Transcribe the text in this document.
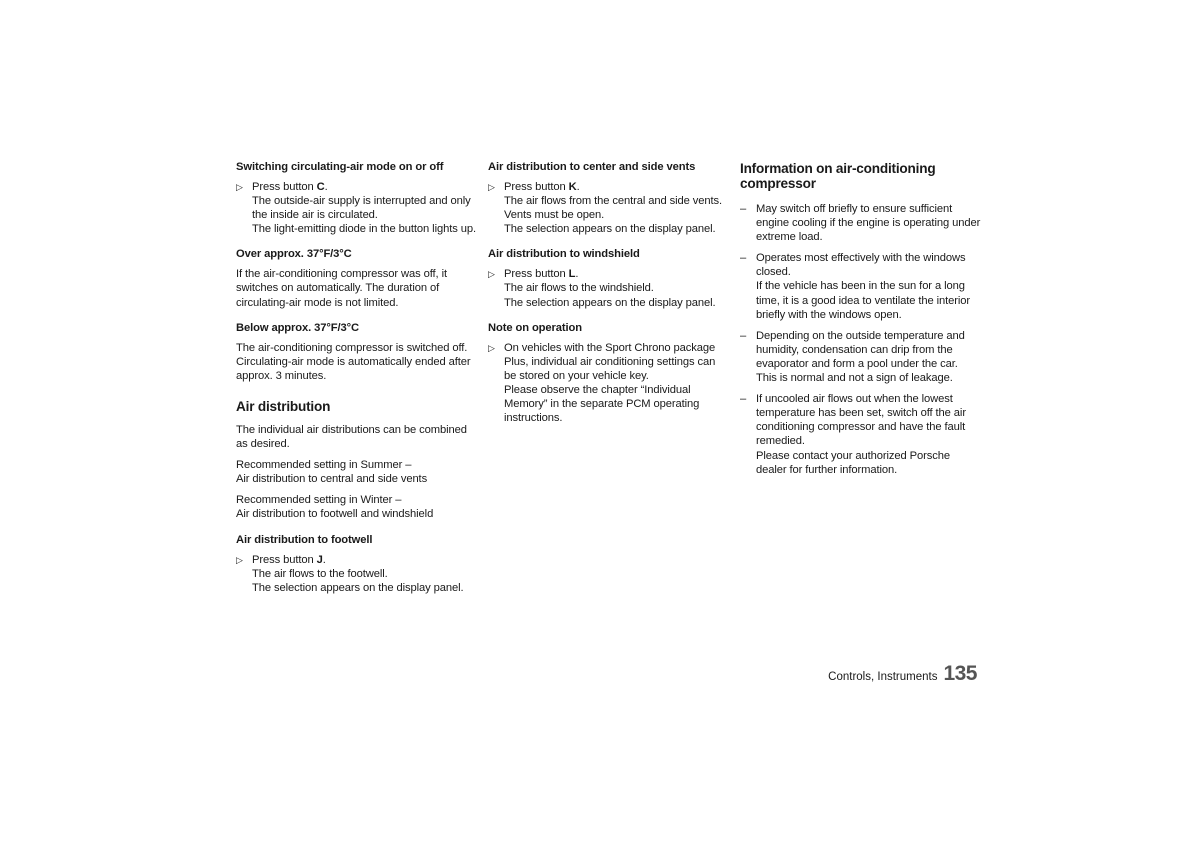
Switching circulating-air mode on or off
▷ Press button C.
The outside-air supply is interrupted and only the inside air is circulated.
The light-emitting diode in the button lights up.
Over approx. 37°F/3°C
If the air-conditioning compressor was off, it switches on automatically. The duration of circulating-air mode is not limited.
Below approx. 37°F/3°C
The air-conditioning compressor is switched off. Circulating-air mode is automatically ended after approx. 3 minutes.
Air distribution
The individual air distributions can be combined as desired.
Recommended setting in Summer –
Air distribution to central and side vents
Recommended setting in Winter –
Air distribution to footwell and windshield
Air distribution to footwell
▷ Press button J.
The air flows to the footwell.
The selection appears on the display panel.
Air distribution to center and side vents
▷ Press button K.
The air flows from the central and side vents. Vents must be open.
The selection appears on the display panel.
Air distribution to windshield
▷ Press button L.
The air flows to the windshield.
The selection appears on the display panel.
Note on operation
▷ On vehicles with the Sport Chrono package Plus, individual air conditioning settings can be stored on your vehicle key.
Please observe the chapter “Individual Memory” in the separate PCM operating instructions.
Information on air-conditioning compressor
– May switch off briefly to ensure sufficient engine cooling if the engine is operating under extreme load.
– Operates most effectively with the windows closed.
If the vehicle has been in the sun for a long time, it is a good idea to ventilate the interior briefly with the windows open.
– Depending on the outside temperature and humidity, condensation can drip from the evaporator and form a pool under the car.
This is normal and not a sign of leakage.
– If uncooled air flows out when the lowest temperature has been set, switch off the air conditioning compressor and have the fault remedied.
Please contact your authorized Porsche dealer for further information.
Controls, Instruments 135
